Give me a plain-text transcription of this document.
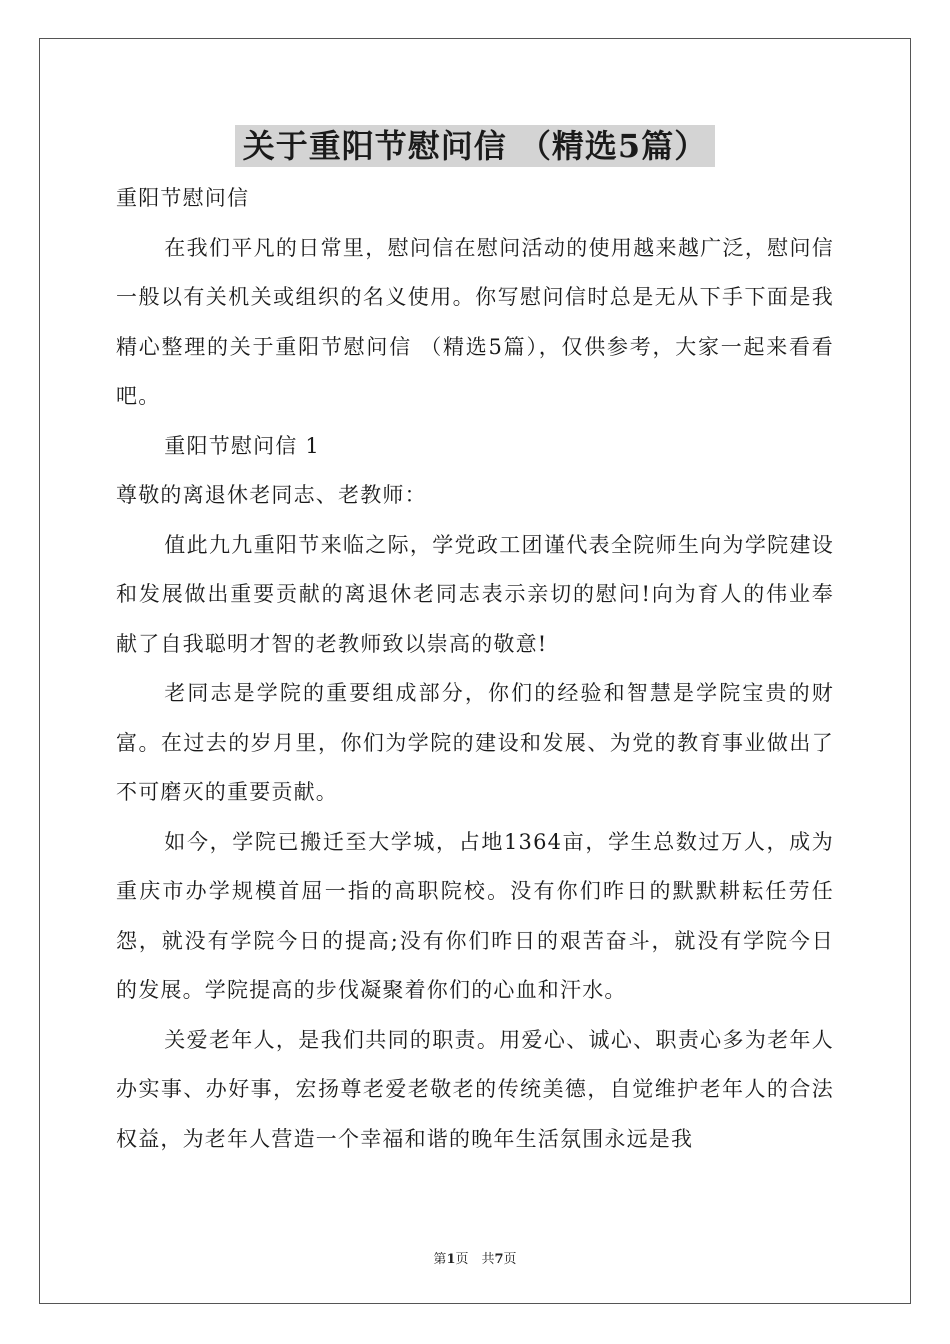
关于重阳节慰问信 （精选5篇）

重阳节慰问信

在我们平凡的日常里，慰问信在慰问活动的使用越来越广泛，慰问信一般以有关机关或组织的名义使用。你写慰问信时总是无从下手下面是我精心整理的关于重阳节慰问信 （精选5篇），仅供参考，大家一起来看看吧。

重阳节慰问信 1

尊敬的离退休老同志、老教师：

值此九九重阳节来临之际，学党政工团谨代表全院师生向为学院建设和发展做出重要贡献的离退休老同志表示亲切的慰问!向为育人的伟业奉献了自我聪明才智的老教师致以崇高的敬意!

老同志是学院的重要组成部分，你们的经验和智慧是学院宝贵的财富。在过去的岁月里，你们为学院的建设和发展、为党的教育事业做出了不可磨灭的重要贡献。

如今，学院已搬迁至大学城，占地1364亩，学生总数过万人，成为重庆市办学规模首屈一指的高职院校。没有你们昨日的默默耕耘任劳任怨，就没有学院今日的提高;没有你们昨日的艰苦奋斗，就没有学院今日的发展。学院提高的步伐凝聚着你们的心血和汗水。

关爱老年人，是我们共同的职责。用爱心、诚心、职责心多为老年人办实事、办好事，宏扬尊老爱老敬老的传统美德，自觉维护老年人的合法权益，为老年人营造一个幸福和谐的晚年生活氛围永远是我

第1页　共7页
